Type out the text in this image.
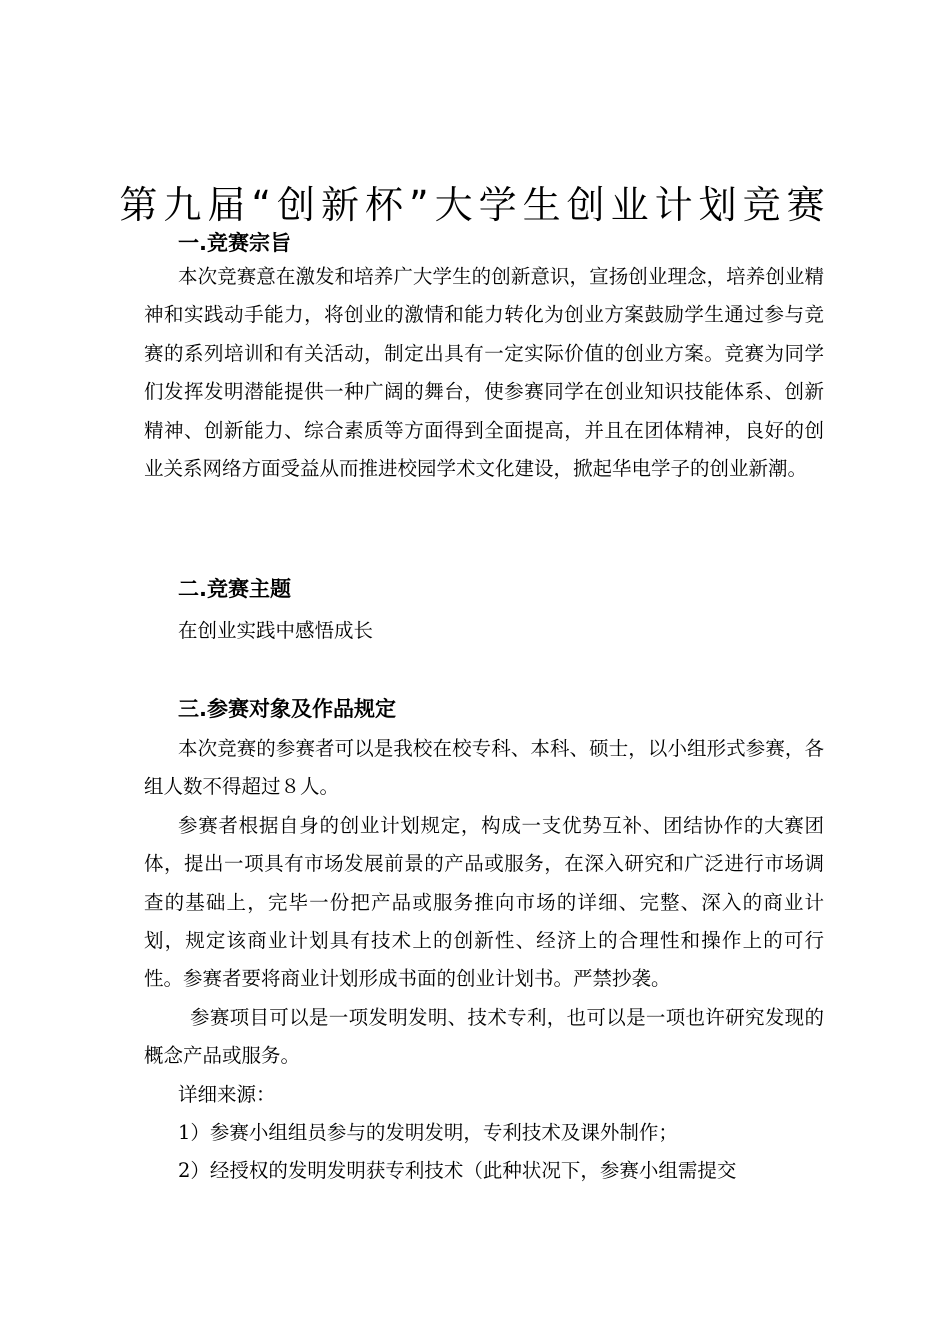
第九届“创新杯”大学生创业计划竞赛
一.竞赛宗旨

本次竞赛意在激发和培养广大学生的创新意识，宣扬创业理念，培养创业精神和实践动手能力，将创业的激情和能力转化为创业方案鼓励学生通过参与竞赛的系列培训和有关活动，制定出具有一定实际价值的创业方案。竞赛为同学们发挥发明潜能提供一种广阔的舞台，使参赛同学在创业知识技能体系、创新精神、创新能力、综合素质等方面得到全面提高，并且在团体精神，良好的创业关系网络方面受益从而推进校园学术文化建设，掀起华电学子的创业新潮。

二.竞赛主题

在创业实践中感悟成长

三.参赛对象及作品规定

本次竞赛的参赛者可以是我校在校专科、本科、硕士，以小组形式参赛，各组人数不得超过８人。

参赛者根据自身的创业计划规定，构成一支优势互补、团结协作的大赛团体，提出一项具有市场发展前景的产品或服务，在深入研究和广泛进行市场调查的基础上，完毕一份把产品或服务推向市场的详细、完整、深入的商业计划，规定该商业计划具有技术上的创新性、经济上的合理性和操作上的可行性。参赛者要将商业计划形成书面的创业计划书。严禁抄袭。

参赛项目可以是一项发明发明、技术专利，也可以是一项也许研究发现的概念产品或服务。

详细来源：

1）参赛小组组员参与的发明发明，专利技术及课外制作；

2）经授权的发明发明获专利技术（此种状况下，参赛小组需提交
